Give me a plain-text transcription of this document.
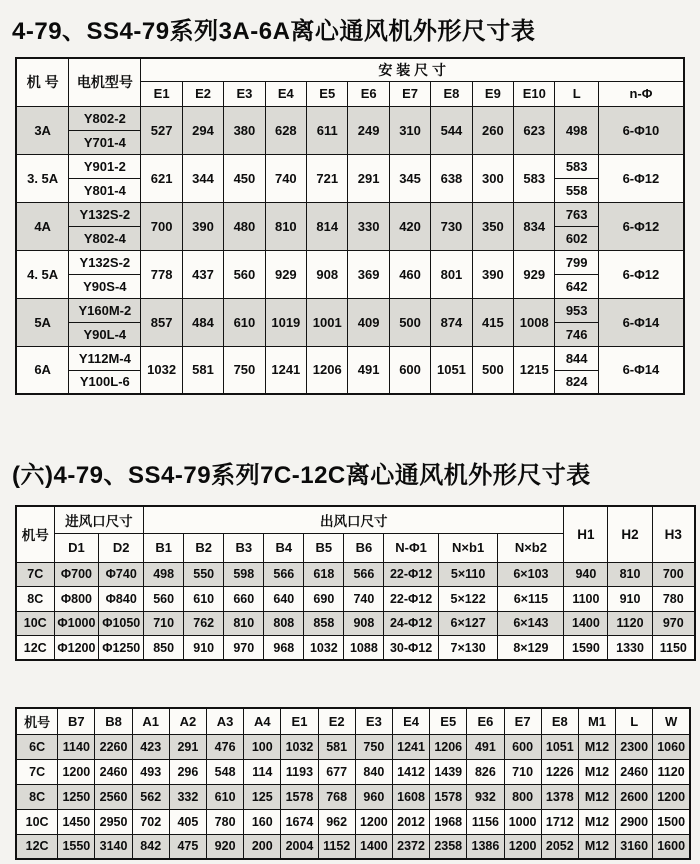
4-79、SS4-79系列3A-6A离心通风机外形尺寸表
机 号	电机型号	安 装 尺 寸											
		E1	E2	E3	E4	E5	E6	E7	E8	E9	E10	L	n-Φ
3A	Y802-2	527	294	380	628	611	249	310	544	260	623	498	6-Φ10
	Y701-4												
3. 5A	Y901-2	621	344	450	740	721	291	345	638	300	583	583	6-Φ12
	Y801-4											558	
4A	Y132S-2	700	390	480	810	814	330	420	730	350	834	763	6-Φ12
	Y802-4											602	
4. 5A	Y132S-2	778	437	560	929	908	369	460	801	390	929	799	6-Φ12
	Y90S-4											642	
5A	Y160M-2	857	484	610	1019	1001	409	500	874	415	1008	953	6-Φ14
	Y90L-4											746	
6A	Y112M-4	1032	581	750	1241	1206	491	600	1051	500	1215	844	6-Φ14
	Y100L-6											824	
(六)4-79、SS4-79系列7C-12C离心通风机外形尺寸表
机号	进风口尺寸		出风口尺寸									H1	H2	H3
	D1	D2	B1	B2	B3	B4	B5	B6	N-Φ1	N×b1	N×b2			
7C	Φ700	Φ740	498	550	598	566	618	566	22-Φ12	5×110	6×103	940	810	700
8C	Φ800	Φ840	560	610	660	640	690	740	22-Φ12	5×122	6×115	1100	910	780
10C	Φ1000	Φ1050	710	762	810	808	858	908	24-Φ12	6×127	6×143	1400	1120	970
12C	Φ1200	Φ1250	850	910	970	968	1032	1088	30-Φ12	7×130	8×129	1590	1330	1150
机号	B7	B8	A1	A2	A3	A4	E1	E2	E3	E4	E5	E6	E7	E8	M1	L	W
6C	1140	2260	423	291	476	100	1032	581	750	1241	1206	491	600	1051	M12	2300	1060
7C	1200	2460	493	296	548	114	1193	677	840	1412	1439	826	710	1226	M12	2460	1120
8C	1250	2560	562	332	610	125	1578	768	960	1608	1578	932	800	1378	M12	2600	1200
10C	1450	2950	702	405	780	160	1674	962	1200	2012	1968	1156	1000	1712	M12	2900	1500
12C	1550	3140	842	475	920	200	2004	1152	1400	2372	2358	1386	1200	2052	M12	3160	1600
